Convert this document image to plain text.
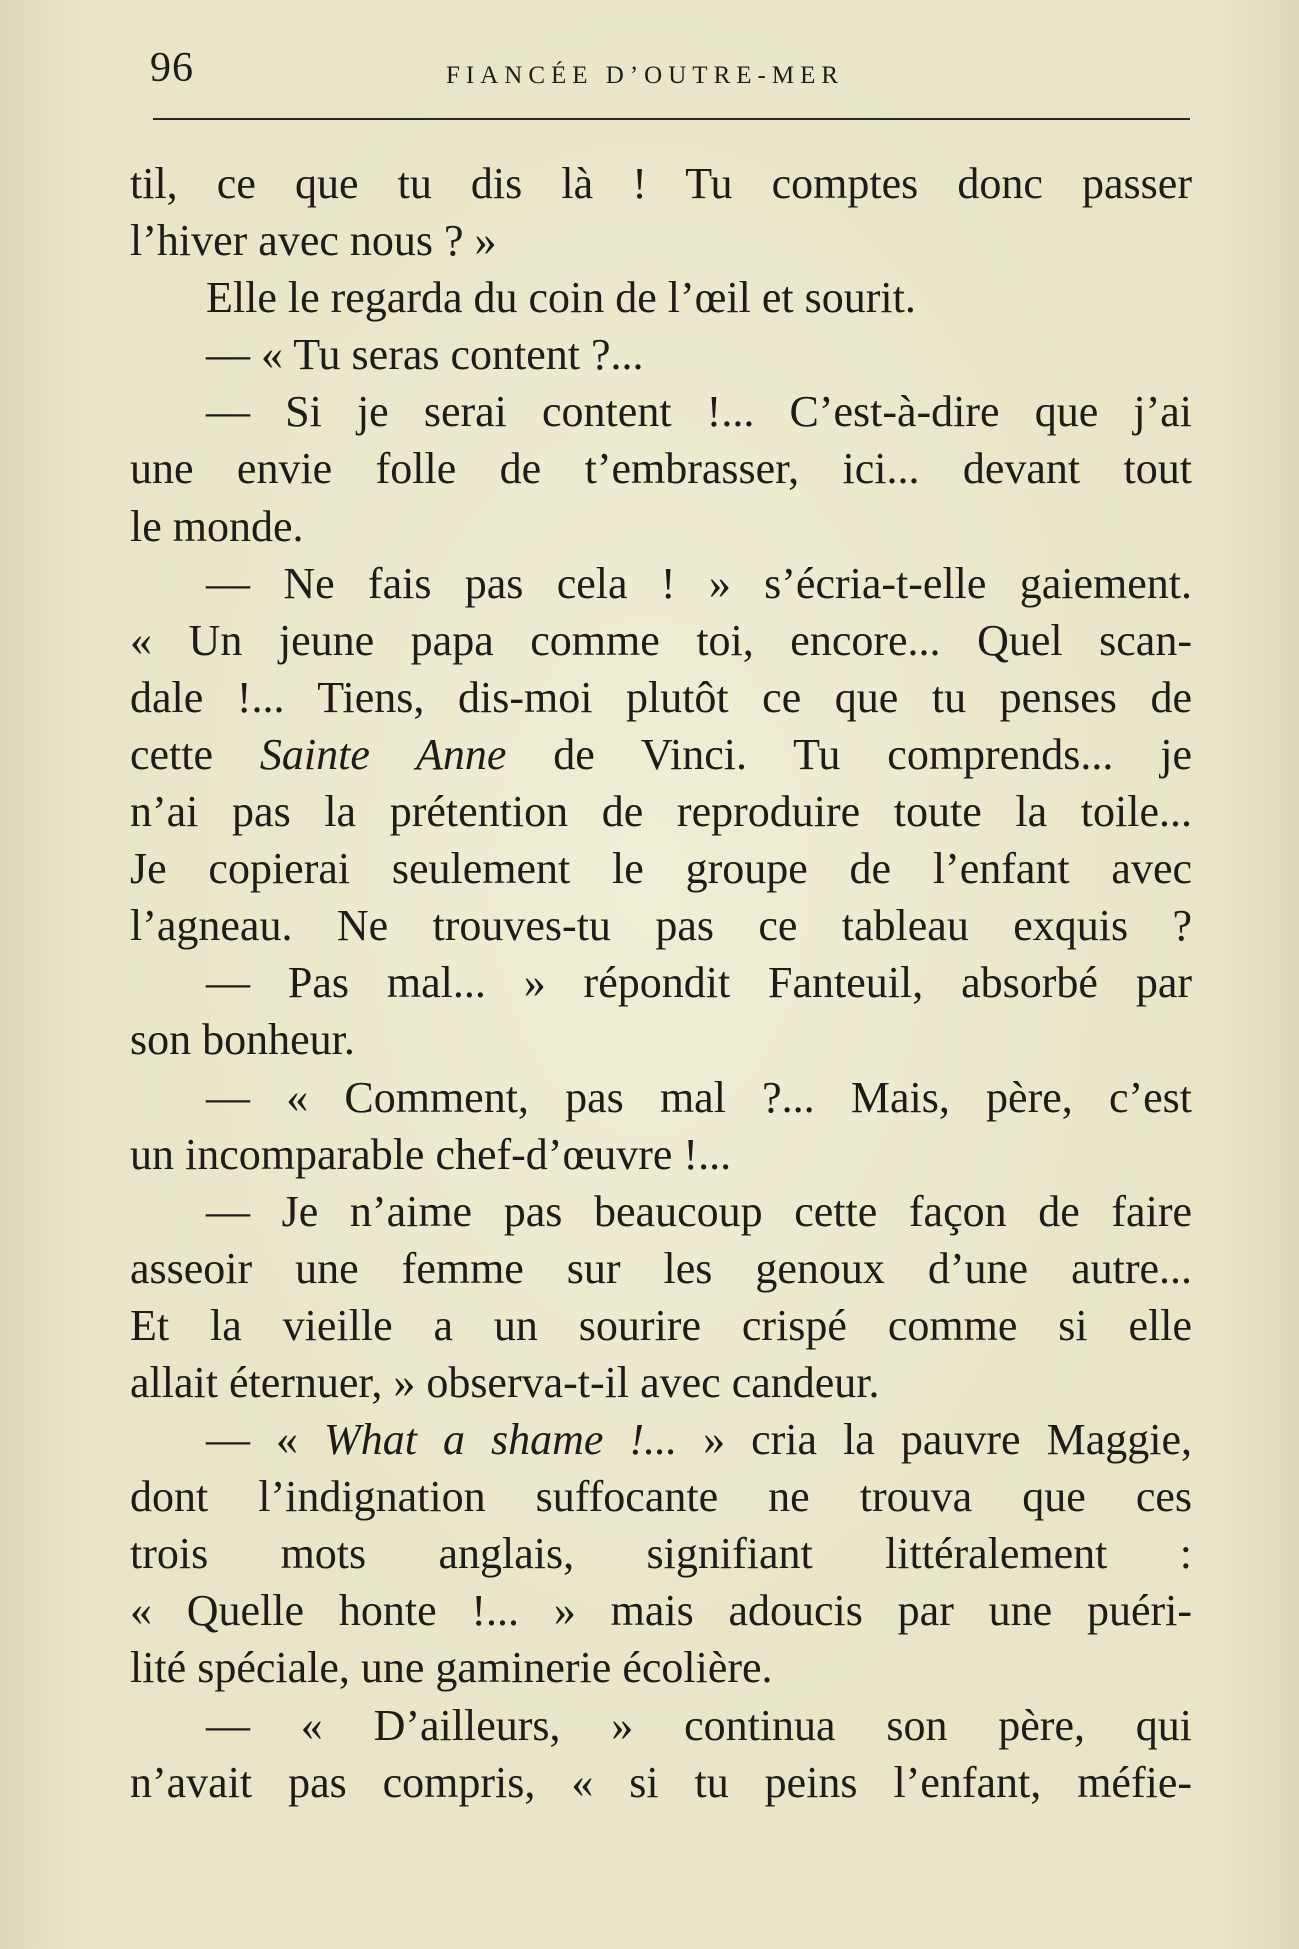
96	FIANCÉE D’OUTRE-MER
til, ce que tu dis là ! Tu comptes donc passer
l’hiver avec nous ? »
Elle le regarda du coin de l’œil et sourit.
— « Tu seras content ?...
— Si je serai content !... C’est-à-dire que j’ai
une envie folle de t’embrasser, ici... devant tout
le monde.
— Ne fais pas cela ! » s’écria-t-elle gaiement.
« Un jeune papa comme toi, encore... Quel scan-
dale !... Tiens, dis-moi plutôt ce que tu penses de
cette Sainte Anne de Vinci. Tu comprends... je
n’ai pas la prétention de reproduire toute la toile...
Je copierai seulement le groupe de l’enfant avec
l’agneau. Ne trouves-tu pas ce tableau exquis ?
— Pas mal... » répondit Fanteuil, absorbé par
son bonheur.
— « Comment, pas mal ?... Mais, père, c’est
un incomparable chef-d’œuvre !...
— Je n’aime pas beaucoup cette façon de faire
asseoir une femme sur les genoux d’une autre...
Et la vieille a un sourire crispé comme si elle
allait éternuer, » observa-t-il avec candeur.
— « What a shame !... » cria la pauvre Maggie,
dont l’indignation suffocante ne trouva que ces
trois mots anglais, signifiant littéralement :
« Quelle honte !... » mais adoucis par une puéri-
lité spéciale, une gaminerie écolière.
— « D’ailleurs, » continua son père, qui
n’avait pas compris, « si tu peins l’enfant, méfie-
